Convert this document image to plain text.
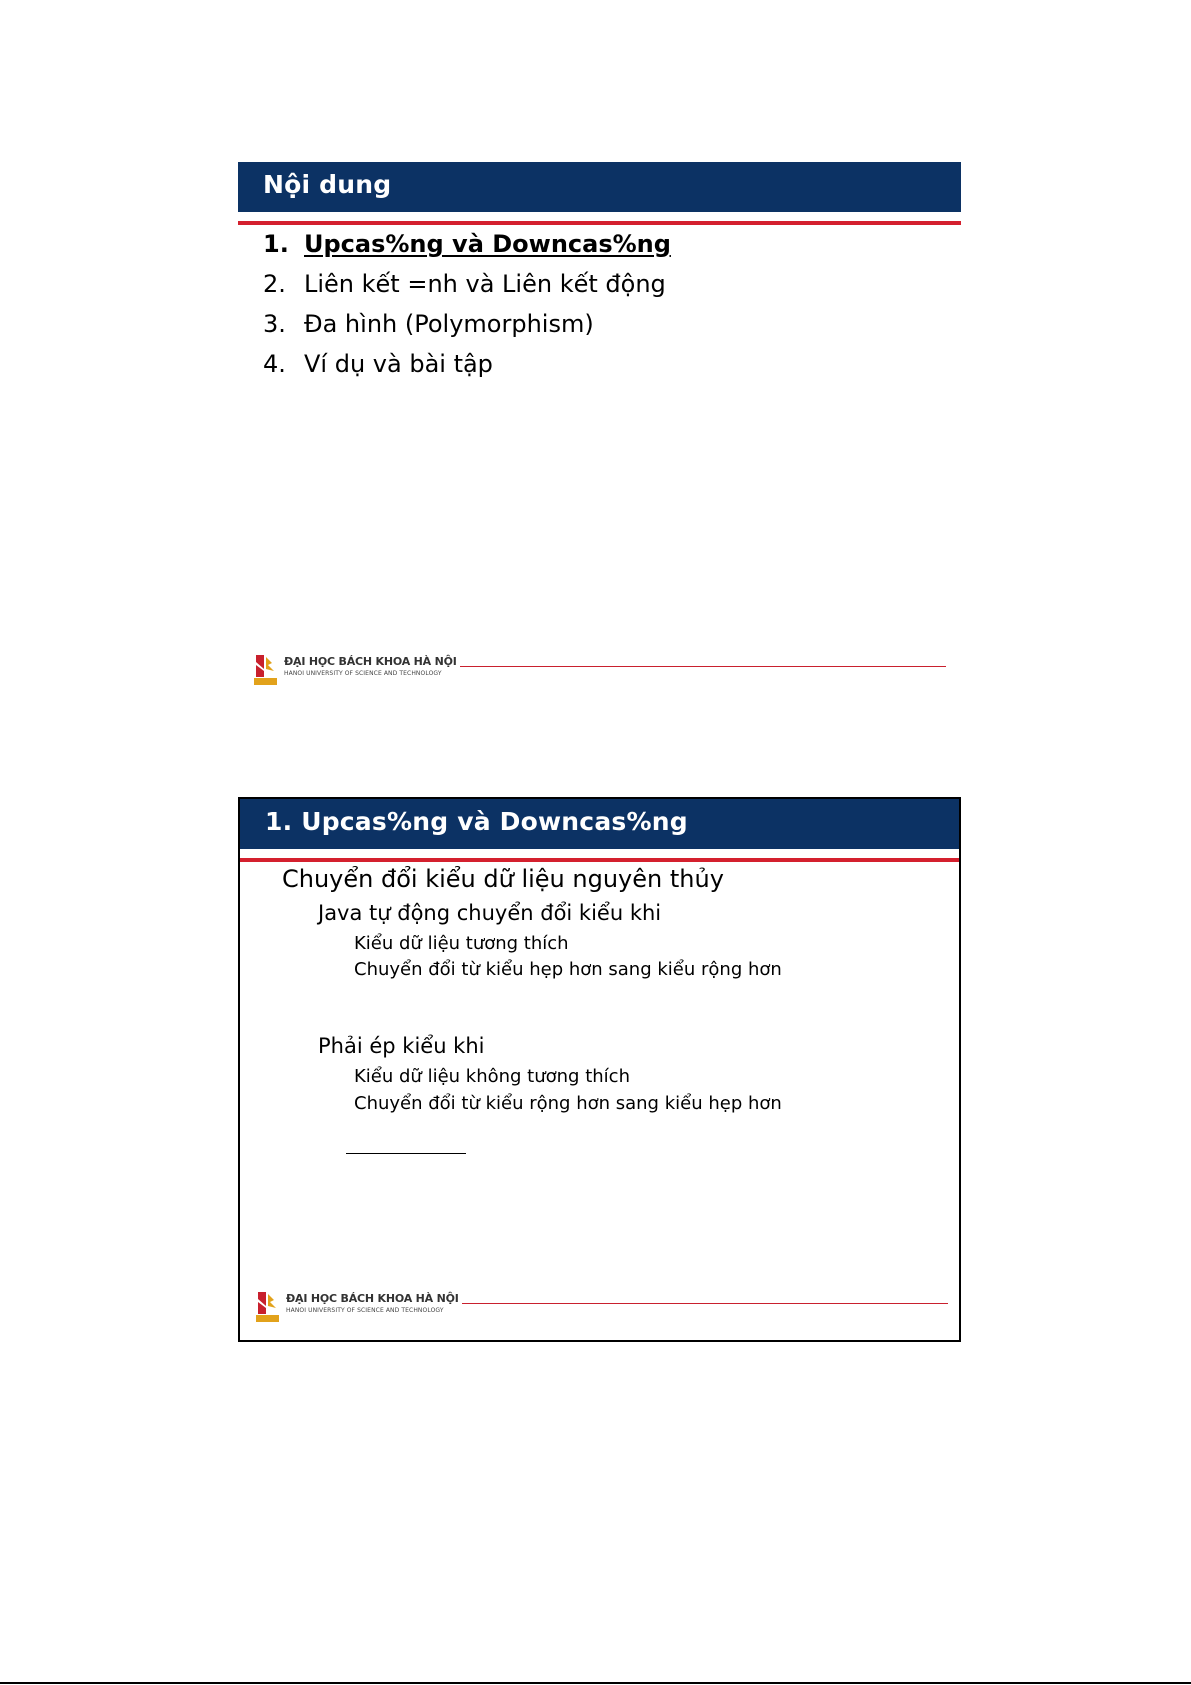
Nội dung
1. Upcas%ng và Downcas%ng
2. Liên kết =nh và Liên kết động
3. Đa hình (Polymorphism)
4. Ví dụ và bài tập
ĐẠI HỌC BÁCH KHOA HÀ NỘI
HANOI UNIVERSITY OF SCIENCE AND TECHNOLOGY
1. Upcas%ng và Downcas%ng
Chuyển đổi kiểu dữ liệu nguyên thủy
Java tự động chuyển đổi kiểu khi
Kiểu dữ liệu tương thích
Chuyển đổi từ kiểu hẹp hơn sang kiểu rộng hơn
Phải ép kiểu khi
Kiểu dữ liệu không tương thích
Chuyển đổi từ kiểu rộng hơn sang kiểu hẹp hơn
ĐẠI HỌC BÁCH KHOA HÀ NỘI
HANOI UNIVERSITY OF SCIENCE AND TECHNOLOGY
